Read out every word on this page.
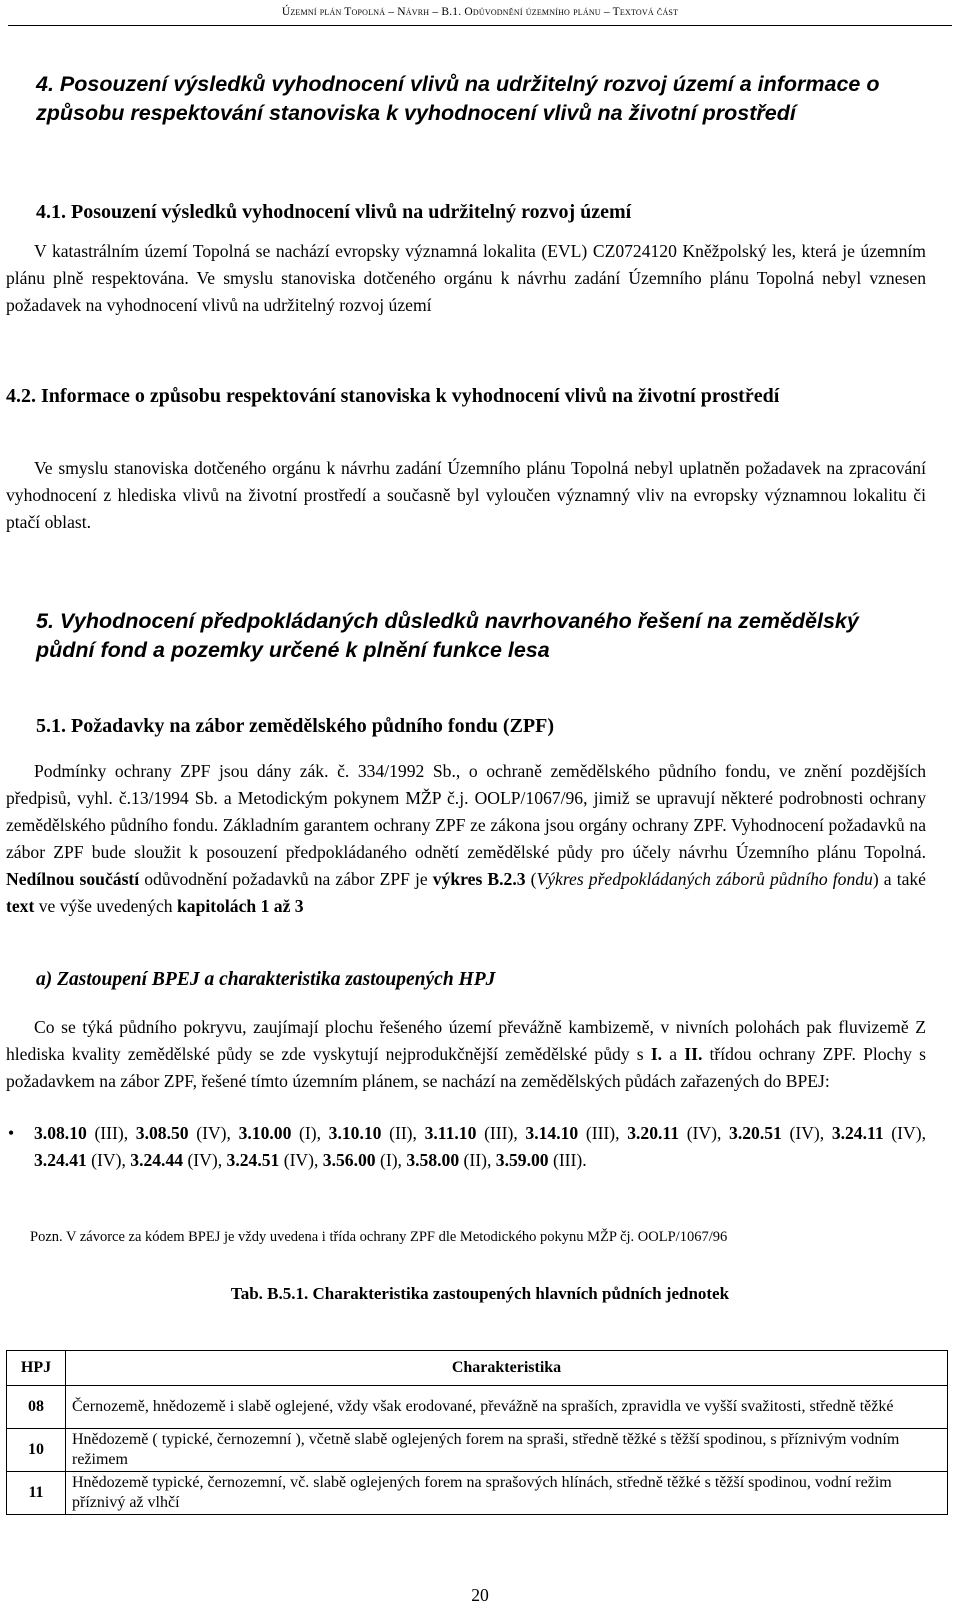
Územní plán Topolná – Návrh – B.1. Odůvodnění územního plánu – Textová část
4. Posouzení výsledků vyhodnocení vlivů na udržitelný rozvoj území a informace o způsobu respektování stanoviska k vyhodnocení vlivů na životní prostředí
4.1. Posouzení výsledků vyhodnocení vlivů na udržitelný rozvoj území
V katastrálním území Topolná se nachází evropsky významná lokalita (EVL) CZ0724120 Kněžpolský les, která je územním plánu plně respektována. Ve smyslu stanoviska dotčeného orgánu k návrhu zadání Územního plánu Topolná nebyl vznesen požadavek na vyhodnocení vlivů na udržitelný rozvoj území
4.2. Informace o způsobu respektování stanoviska k vyhodnocení vlivů na životní prostředí
Ve smyslu stanoviska dotčeného orgánu k návrhu zadání Územního plánu Topolná nebyl uplatněn požadavek na zpracování vyhodnocení z hlediska vlivů na životní prostředí a současně byl vyloučen významný vliv na evropsky významnou lokalitu či ptačí oblast.
5. Vyhodnocení předpokládaných důsledků navrhovaného řešení na zemědělský půdní fond a pozemky určené k plnění funkce lesa
5.1. Požadavky na zábor zemědělského půdního fondu (ZPF)
Podmínky ochrany ZPF jsou dány zák. č. 334/1992 Sb., o ochraně zemědělského půdního fondu, ve znění pozdějších předpisů, vyhl. č.13/1994 Sb. a Metodickým pokynem MŽP č.j. OOLP/1067/96, jimiž se upravují některé podrobnosti ochrany zemědělského půdního fondu. Základním garantem ochrany ZPF ze zákona jsou orgány ochrany ZPF. Vyhodnocení požadavků na zábor ZPF bude sloužit k posouzení předpokládaného odnětí zemědělské půdy pro účely návrhu Územního plánu Topolná. Nedílnou součástí odůvodnění požadavků na zábor ZPF je výkres B.2.3 (Výkres předpokládaných záborů půdního fondu) a také text ve výše uvedených kapitolách 1 až 3
a) Zastoupení BPEJ a charakteristika zastoupených HPJ
Co se týká půdního pokryvu, zaujímají plochu řešeného území převážně kambizemě, v nivních polohách pak fluvizemě Z hlediska kvality zemědělské půdy se zde vyskytují nejprodukčnější zemědělské půdy s I. a II. třídou ochrany ZPF. Plochy s požadavkem na zábor ZPF, řešené tímto územním plánem, se nachází na zemědělských půdách zařazených do BPEJ:
• 3.08.10 (III), 3.08.50 (IV), 3.10.00 (I), 3.10.10 (II), 3.11.10 (III), 3.14.10 (III), 3.20.11 (IV), 3.20.51 (IV), 3.24.11 (IV), 3.24.41 (IV), 3.24.44 (IV), 3.24.51 (IV), 3.56.00 (I), 3.58.00 (II), 3.59.00 (III).
Pozn. V závorce za kódem BPEJ je vždy uvedena i třída ochrany ZPF dle Metodického pokynu MŽP čj. OOLP/1067/96
Tab. B.5.1. Charakteristika zastoupených hlavních půdních jednotek
HPJ	Charakteristika
08	Černozemě, hnědozemě i slabě oglejené, vždy však erodované, převážně na spraších, zpravidla ve vyšší svažitosti, středně těžké
10	Hnědozemě ( typické, černozemní ), včetně slabě oglejených forem na spraši, středně těžké s těžší spodinou, s příznivým vodním režimem
11	Hnědozemě typické, černozemní, vč. slabě oglejených forem na sprašových hlínách, středně těžké s těžší spodinou, vodní režim příznivý až vlhčí
20
